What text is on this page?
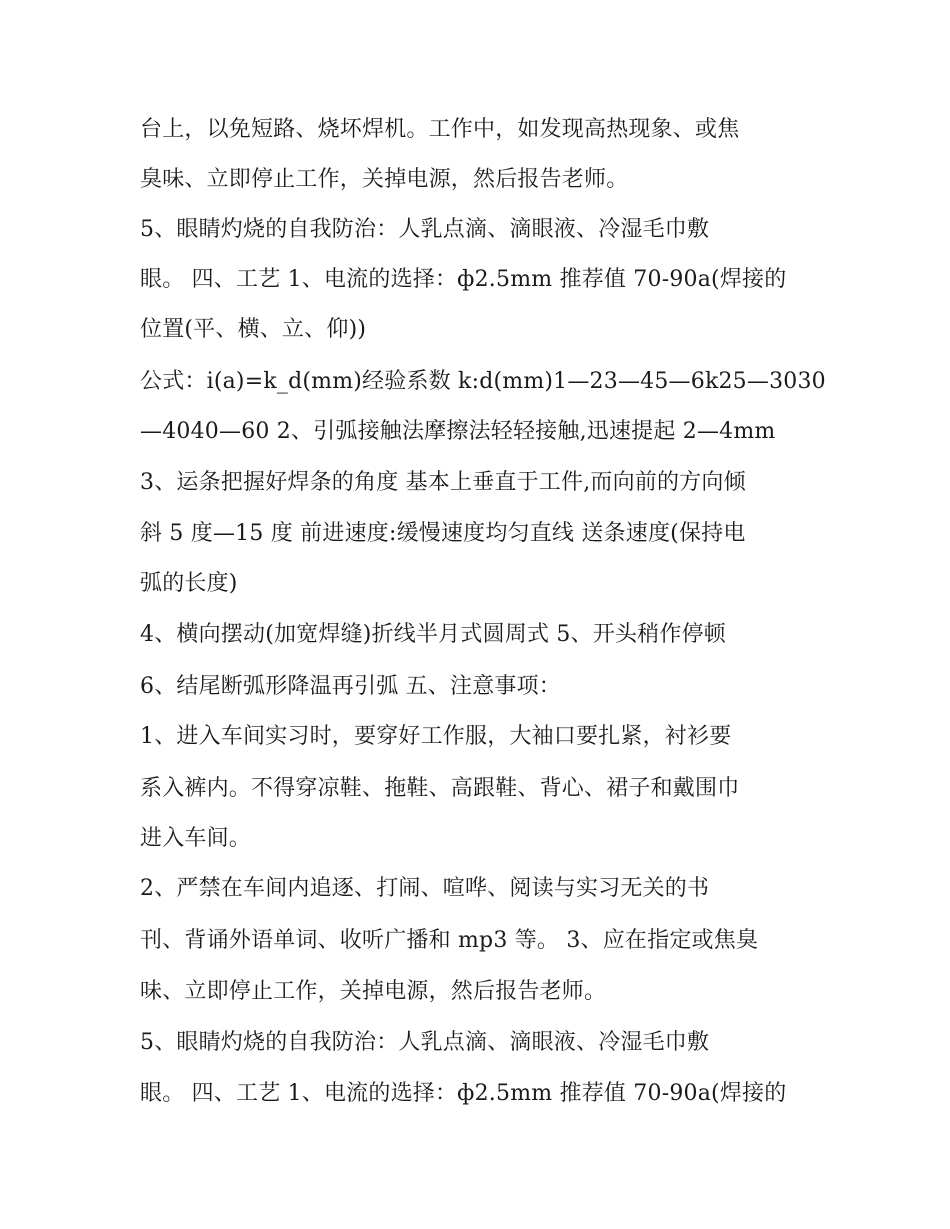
台上，以免短路、烧坏焊机。工作中，如发现高热现象、或焦
臭味、立即停止工作，关掉电源，然后报告老师。
5、眼睛灼烧的自我防治：人乳点滴、滴眼液、冷湿毛巾敷
眼。 四、工艺 1、电流的选择：ф2.5mm 推荐值 70-90a(焊接的
位置(平、横、立、仰))
公式：i(a)=k_d(mm)经验系数 k:d(mm)1—23—45—6k25—3030
—4040—60 2、引弧接触法摩擦法轻轻接触,迅速提起 2—4mm
3、运条把握好焊条的角度 基本上垂直于工件,而向前的方向倾
斜 5 度—15 度 前进速度:缓慢速度均匀直线 送条速度(保持电
弧的长度)
4、横向摆动(加宽焊缝)折线半月式圆周式 5、开头稍作停顿
6、结尾断弧形降温再引弧 五、注意事项：
1、进入车间实习时，要穿好工作服，大袖口要扎紧，衬衫要
系入裤内。不得穿凉鞋、拖鞋、高跟鞋、背心、裙子和戴围巾
进入车间。
2、严禁在车间内追逐、打闹、喧哗、阅读与实习无关的书
刊、背诵外语单词、收听广播和 mp3 等。 3、应在指定或焦臭
味、立即停止工作，关掉电源，然后报告老师。
5、眼睛灼烧的自我防治：人乳点滴、滴眼液、冷湿毛巾敷
眼。 四、工艺 1、电流的选择：ф2.5mm 推荐值 70-90a(焊接的
